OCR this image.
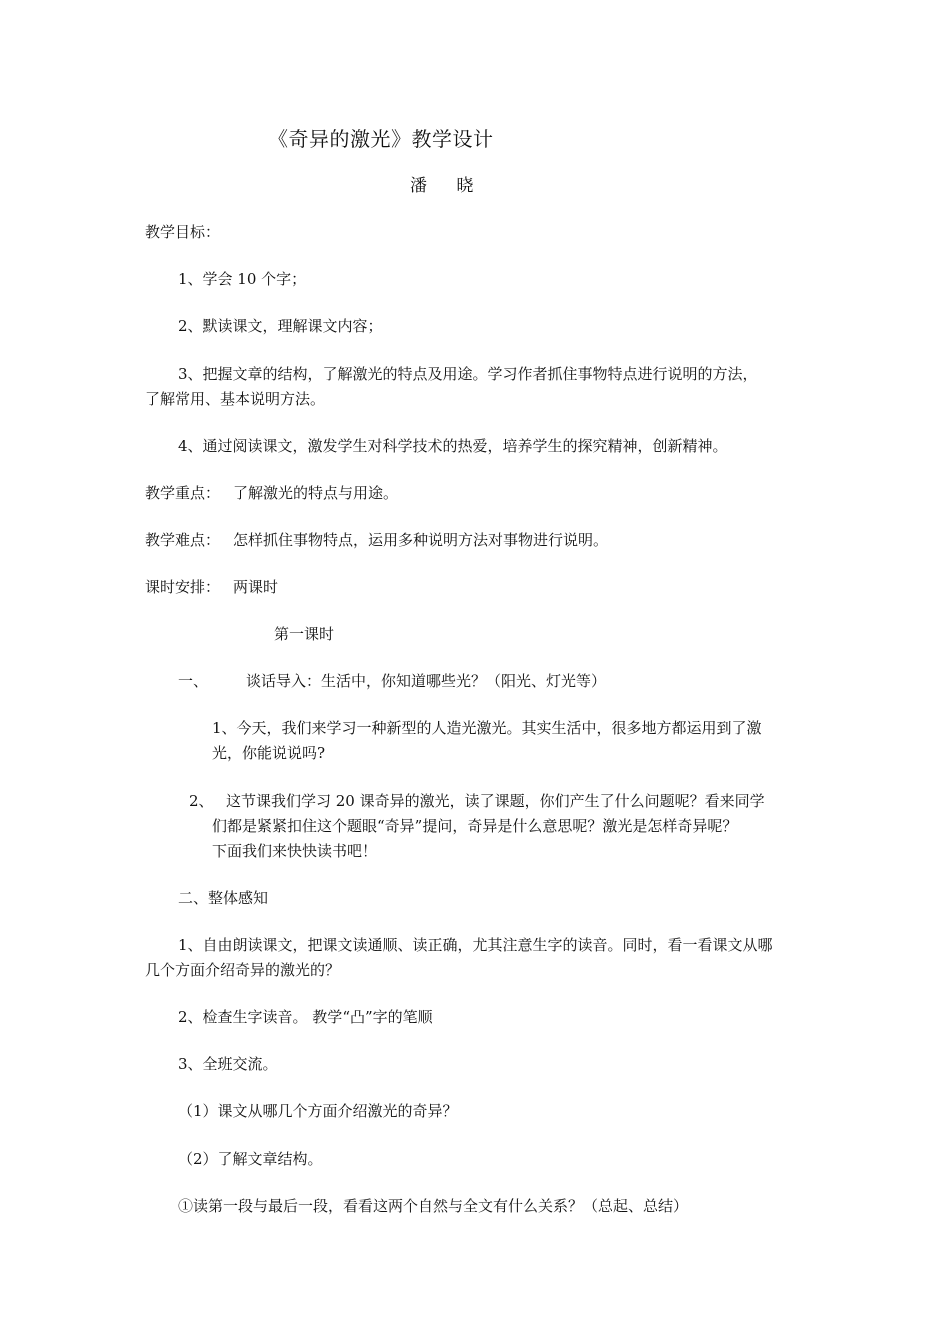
《奇异的激光》教学设计
潘 晓
教学目标：
1、学会 10 个字；
2、默读课文，理解课文内容；
3、把握文章的结构，了解激光的特点及用途。学习作者抓住事物特点进行说明的方法，
了解常用、基本说明方法。
4、通过阅读课文，激发学生对科学技术的热爱，培养学生的探究精神，创新精神。
教学重点： 了解激光的特点与用途。
教学难点： 怎样抓住事物特点，运用多种说明方法对事物进行说明。
课时安排： 两课时
第一课时
一、	谈话导入：生活中，你知道哪些光？（阳光、灯光等）
1、今天，我们来学习一种新型的人造光激光。其实生活中，很多地方都运用到了激
光，你能说说吗?
2、 这节课我们学习 20 课奇异的激光，读了课题，你们产生了什么问题呢？看来同学
们都是紧紧扣住这个题眼“奇异”提问，奇异是什么意思呢？激光是怎样奇异呢？
下面我们来快快读书吧！
二、整体感知
1、自由朗读课文，把课文读通顺、读正确，尤其注意生字的读音。同时，看一看课文从哪
几个方面介绍奇异的激光的？
2、检查生字读音。 教学“凸”字的笔顺
3、全班交流。
（1）课文从哪几个方面介绍激光的奇异？
（2）了解文章结构。
①读第一段与最后一段，看看这两个自然与全文有什么关系？（总起、总结）
